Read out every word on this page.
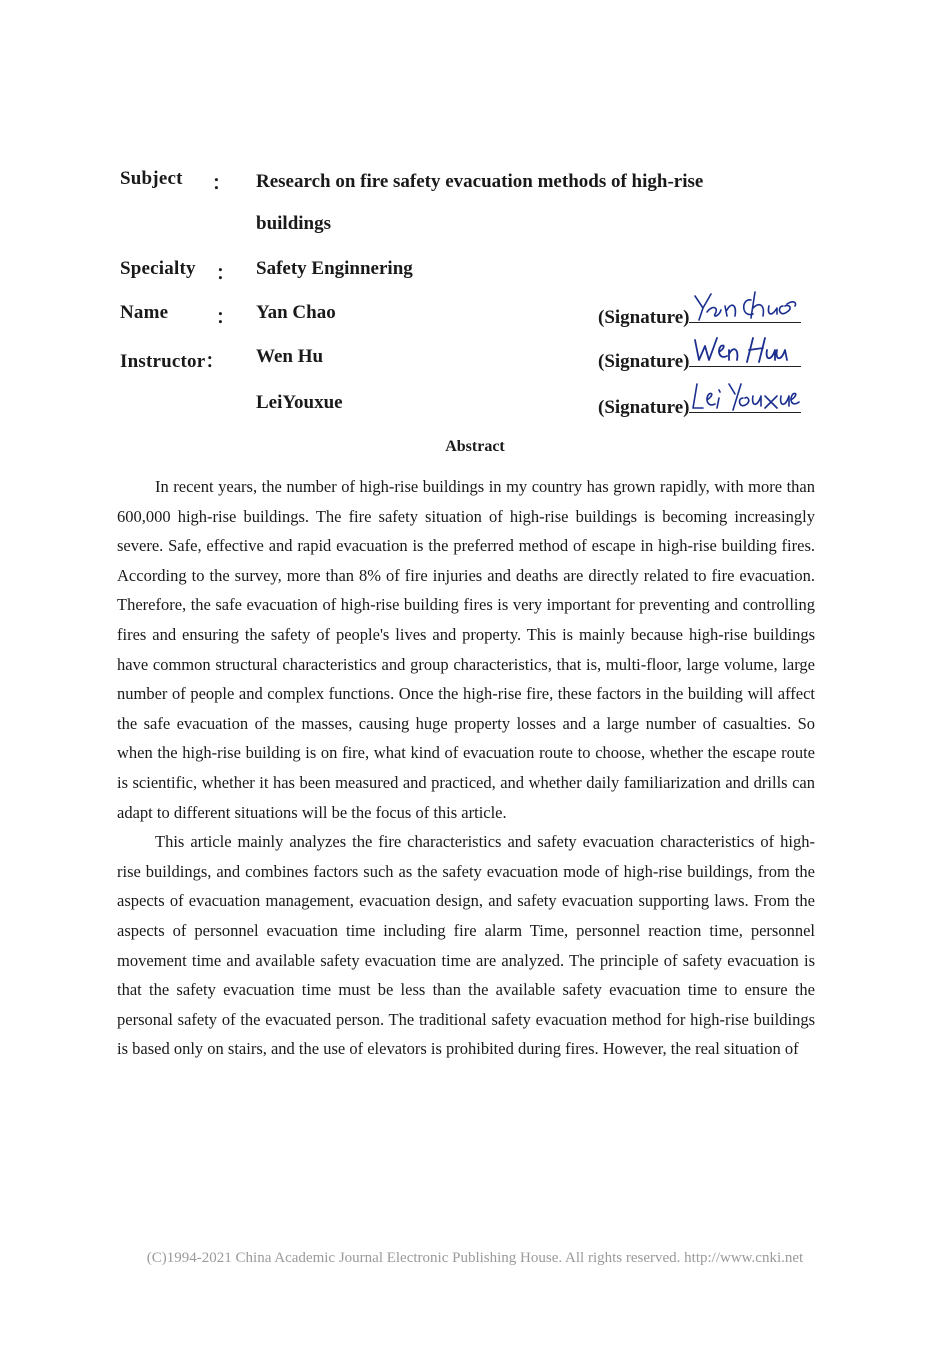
Subject ： Research on fire safety evacuation methods of high-rise
buildings
Specialty ： Safety Enginnering
Name	： Yan Chao	(Signature)
Instructor： Wen Hu	(Signature)
LeiYouxue	(Signature)
Abstract

In recent years, the number of high-rise buildings in my country has grown rapidly, with more than 600,000 high-rise buildings. The fire safety situation of high-rise buildings is becoming increasingly severe. Safe, effective and rapid evacuation is the preferred method of escape in high-rise building fires. According to the survey, more than 8% of fire injuries and deaths are directly related to fire evacuation. Therefore, the safe evacuation of high-rise building fires is very important for preventing and controlling fires and ensuring the safety of people's lives and property. This is mainly because high-rise buildings have common structural characteristics and group characteristics, that is, multi-floor, large volume, large number of people and complex functions. Once the high-rise fire, these factors in the building will affect the safe evacuation of the masses, causing huge property losses and a large number of casualties. So when the high-rise building is on fire, what kind of evacuation route to choose, whether the escape route is scientific, whether it has been measured and practiced, and whether daily familiarization and drills can adapt to different situations will be the focus of this article.

This article mainly analyzes the fire characteristics and safety evacuation characteristics of high-rise buildings, and combines factors such as the safety evacuation mode of high-rise buildings, from the aspects of evacuation management, evacuation design, and safety evacuation supporting laws. From the aspects of personnel evacuation time including fire alarm Time, personnel reaction time, personnel movement time and available safety evacuation time are analyzed. The principle of safety evacuation is that the safety evacuation time must be less than the available safety evacuation time to ensure the personal safety of the evacuated person. The traditional safety evacuation method for high-rise buildings is based only on stairs, and the use of elevators is prohibited during fires. However, the real situation of

(C)1994-2021 China Academic Journal Electronic Publishing House. All rights reserved. http://www.cnki.net
